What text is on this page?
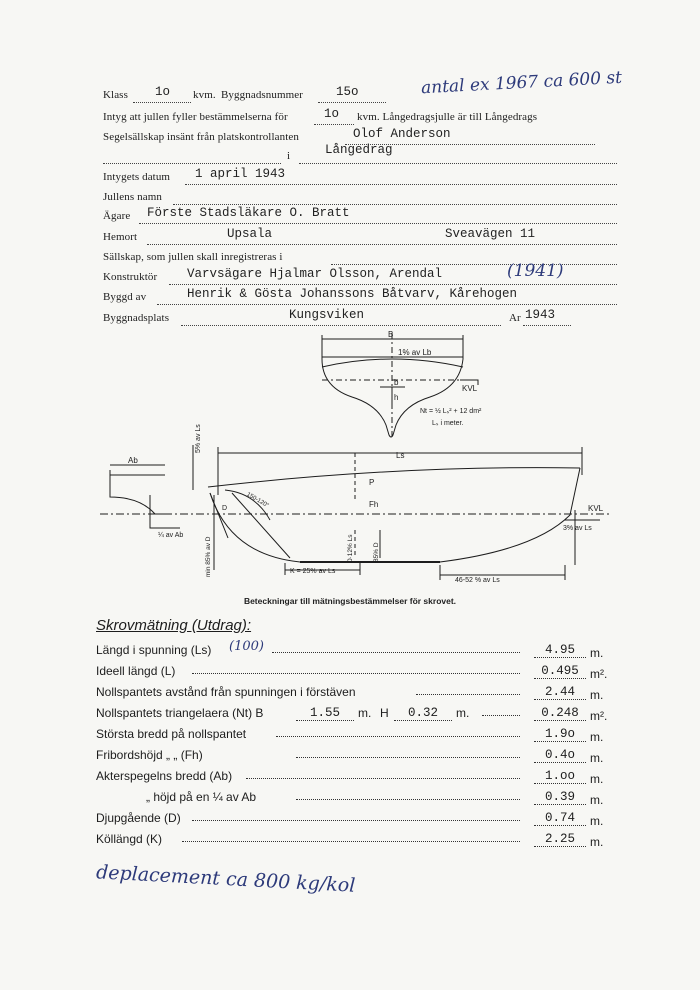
Klass 1o kvm. Byggnadsnummer	15o	antal ex 1967 ca 600 st
Intyg att jullen fyller bestämmelserna för	1o kvm. Långedragsjulle är till Långedrags
Segelsällskap insänt från platskontrollanten	Olof Anderson
i	Långedrag
Intygets datum 1 april 1943
Jullens namn
Ägare Förste Stadsläkare O. Bratt
Hemort	Upsala	Sveavägen 11
Sällskap, som jullen skall inregistreras i
Konstruktör Varvsägare Hjalmar Olsson, Arendal	(1941)
Byggd av	Henrik & Gösta Johanssons Båtvarv, Kårehogen
Byggnadsplats	Kungsviken	Ar 1943
B
1% av Lb
KVL
b
h
Nt = ½ Lₛ² + 12 dm²
Lₛ i meter.
Ab
5% av Ls
Ls
P
Fh	KVL
3% av Ls
¼ av Ab
150-120°
min 85% av D
D
0·12% Ls	85% D
K = 25% av Ls
46-52 % av Ls
Beteckningar till mätningsbestämmelser för skrovet.
Skrovmätning (Utdrag):
Längd i spunning (Ls) (100)	4.95	m.
Ideell längd (L)	0.495 m².
Nollspantets avstånd från spunningen i förstäven	2.44	m.
Nollspantets triangelaera (Nt) B	1.55	m. H	0.32	m.	0.248 m².
Största bredd på nollspantet	1.9o	m.
Fribordshöjd „ „ (Fh)	0.4o	m.
Akterspegelns bredd (Ab)	1.oo	m.
„ höjd på en ¼ av Ab	0.39	m.
Djupgående (D)	0.74	m.
Köllängd (K)	2.25	m.
deplacement ca 800 kg/kol
